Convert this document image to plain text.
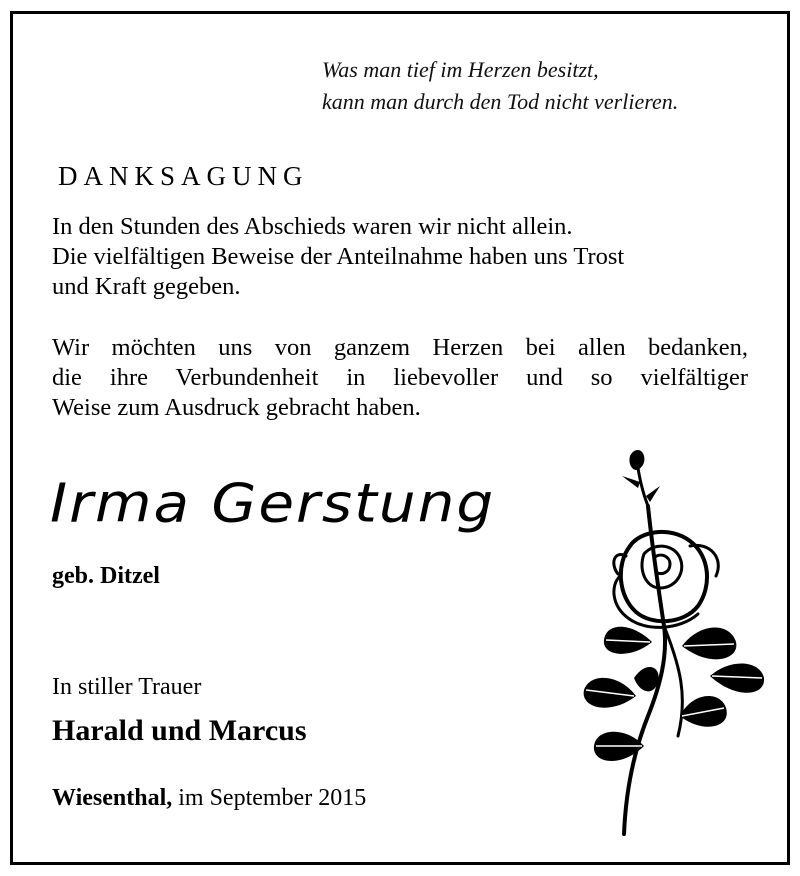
Was man tief im Herzen besitzt,
kann man durch den Tod nicht verlieren.
DANKSAGUNG
In den Stunden des Abschieds waren wir nicht allein.
Die vielfältigen Beweise der Anteilnahme haben uns Trost
und Kraft gegeben.
Wir möchten uns von ganzem Herzen bei allen bedanken,
die ihre Verbundenheit in liebevoller und so vielfältiger
Weise zum Ausdruck gebracht haben.
Irma Gerstung
geb. Ditzel
In stiller Trauer
Harald und Marcus
Wiesenthal, im September 2015
